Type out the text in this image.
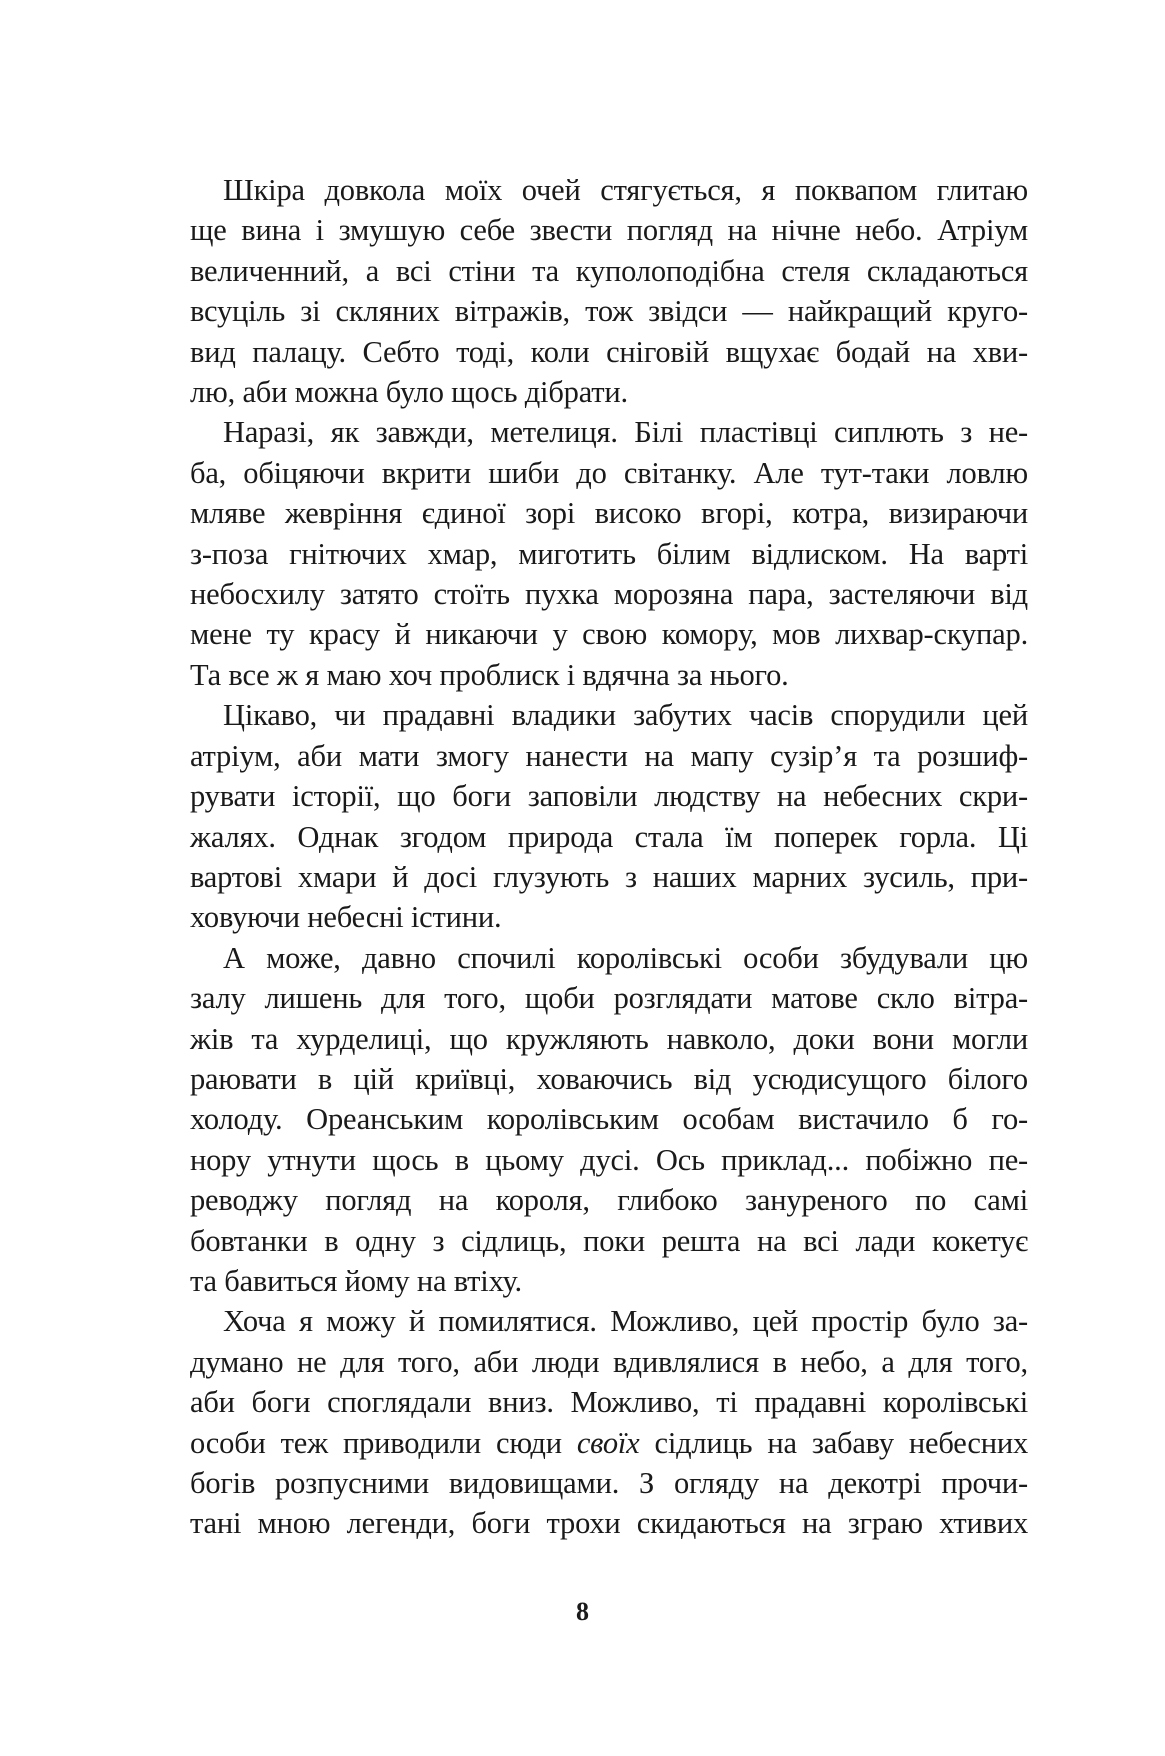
Шкіра довкола моїх очей стягується, я поквапом глитаю
ще вина і змушую себе звести погляд на нічне небо. Атріум
величенний, а всі стіни та куполоподібна стеля складаються
всуціль зі скляних вітражів, тож звідси — найкращий круго-
вид палацу. Себто тоді, коли сніговій вщухає бодай на хви-
лю, аби можна було щось дібрати.

Наразі, як завжди, метелиця. Білі пластівці сиплють з не-
ба, обіцяючи вкрити шиби до світанку. Але тут-таки ловлю
мляве жеврiння єдиної зорі високо вгорі, котра, визираючи
з-поза гнітючих хмар, миготить білим відлиском. На варті
небосхилу затято стоїть пухка морозяна пара, застеляючи від
мене ту красу й никаючи у свою комору, мов лихвар-скупар.
Та все ж я маю хоч проблиск і вдячна за нього.

Цікаво, чи прадавні владики забутих часів спорудили цей
атріум, аби мати змогу нанести на мапу сузір’я та розшиф-
рувати історії, що боги заповіли людству на небесних скри-
жалях. Однак згодом природа стала їм поперек горла. Ці
вартові хмари й досі глузують з наших марних зусиль, при-
ховуючи небесні істини.

А може, давно спочилі королівські особи збудували цю
залу лишень для того, щоби розглядати матове скло вітра-
жів та хурделиці, що кружляють навколо, доки вони могли
раювати в цій криївці, ховаючись від усюдисущого білого
холоду. Ореанським королівським особам вистачило б го-
нору утнути щось в цьому дусі. Ось приклад... побіжно пе-
реводжу погляд на короля, глибоко зануреного по самі
бовтанки в одну з сідлиць, поки решта на всі лади кокетує
та бавиться йому на втіху.

Хоча я можу й помилятися. Можливо, цей простір було за-
думано не для того, аби люди вдивлялися в небо, а для того,
аби боги споглядали вниз. Можливо, ті прадавні королівські
особи теж приводили сюди своїх сідлиць на забаву небесних
богів розпусними видовищами. З огляду на декотрі прочи-
тані мною легенди, боги трохи скидаються на зграю хтивих

8
